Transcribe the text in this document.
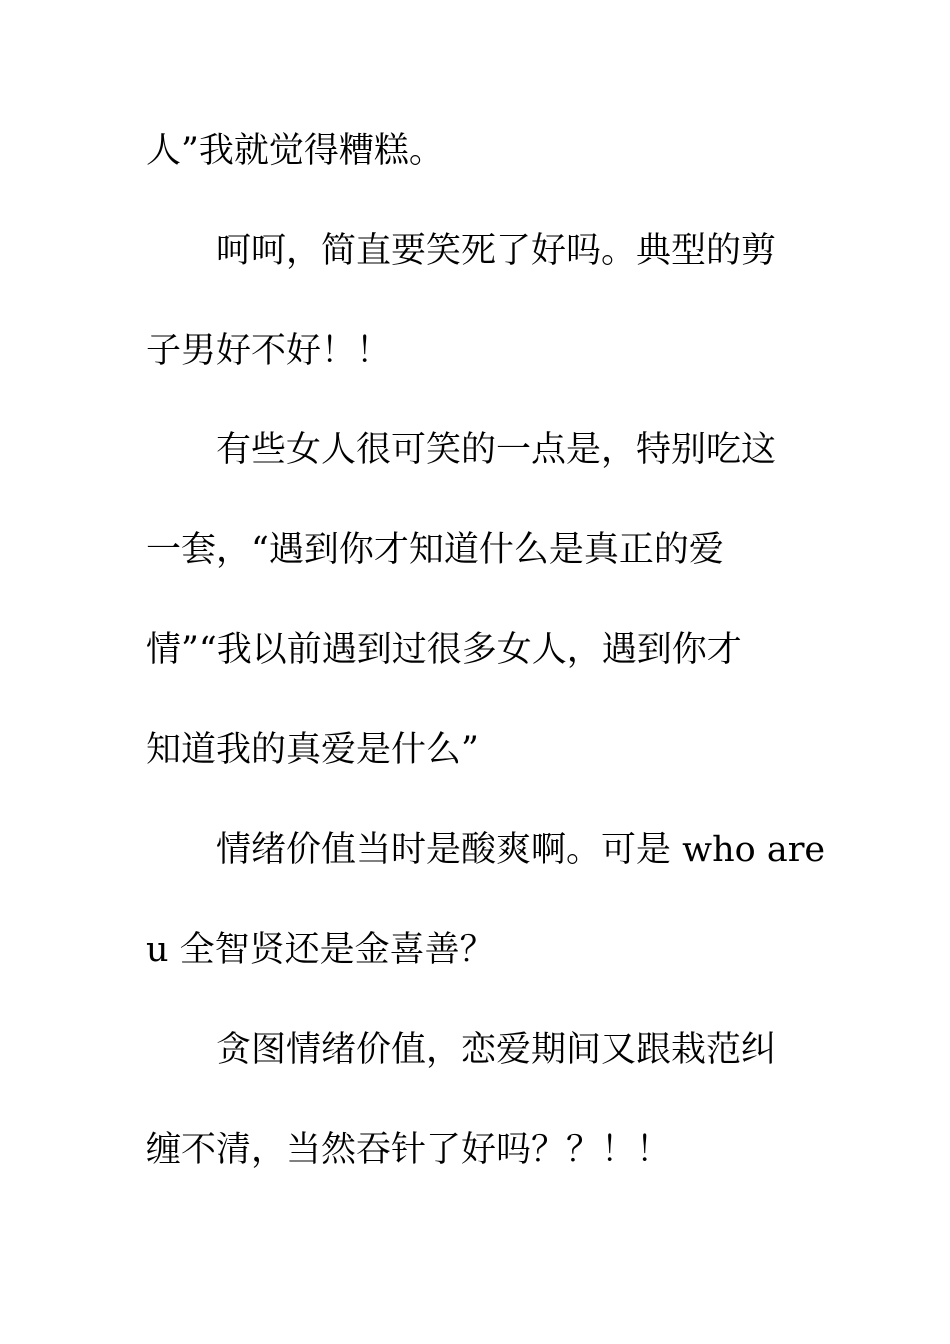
人”我就觉得糟糕。

呵呵，简直要笑死了好吗。典型的剪

子男好不好！！

有些女人很可笑的一点是，特别吃这

一套，“遇到你才知道什么是真正的爱

情”“我以前遇到过很多女人，遇到你才

知道我的真爱是什么”

情绪价值当时是酸爽啊。可是 who are

u 全智贤还是金喜善？

贪图情绪价值，恋爱期间又跟栽范纠

缠不清，当然吞针了好吗？？！！
